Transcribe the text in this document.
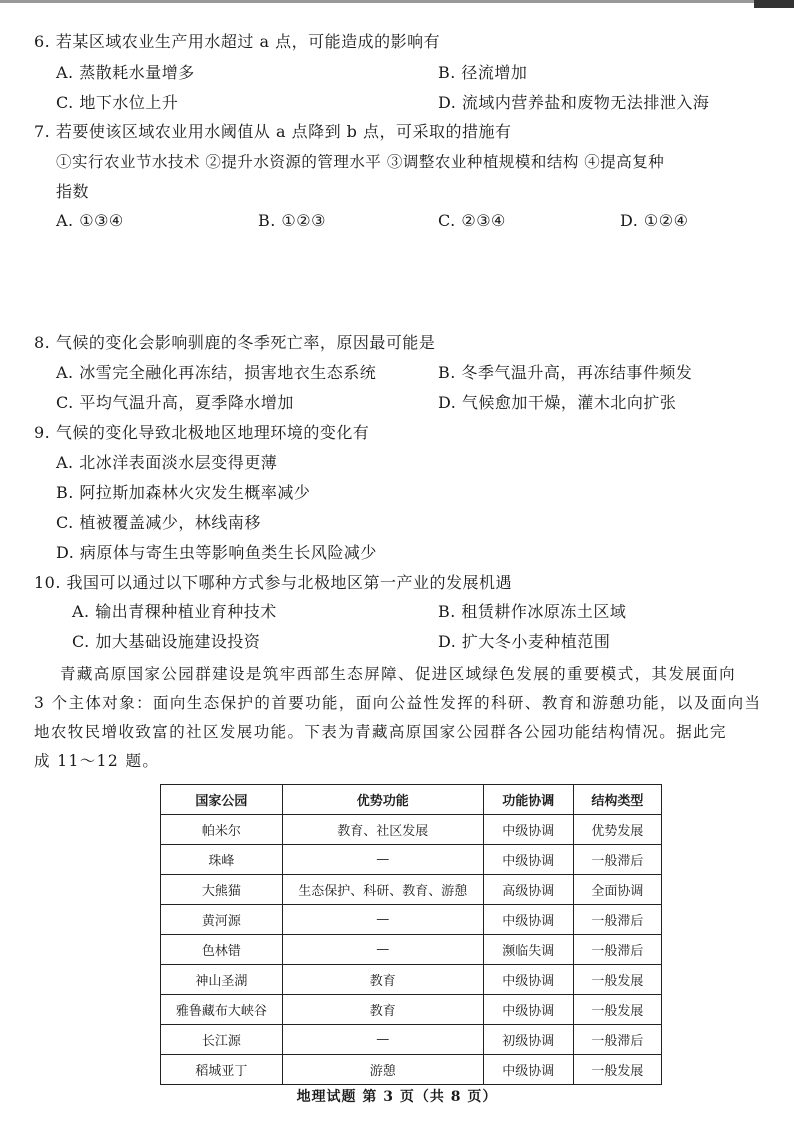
6. 若某区域农业生产用水超过 a 点，可能造成的影响有
A. 蒸散耗水量增多	B. 径流增加
C. 地下水位上升	D. 流域内营养盐和废物无法排泄入海
7. 若要使该区域农业用水阈值从 a 点降到 b 点，可采取的措施有
①实行农业节水技术 ②提升水资源的管理水平 ③调整农业种植规模和结构 ④提高复种
指数
A. ①③④	B. ①②③	C. ②③④	D. ①②④
8. 气候的变化会影响驯鹿的冬季死亡率，原因最可能是
A. 冰雪完全融化再冻结，损害地衣生态系统	B. 冬季气温升高，再冻结事件频发
C. 平均气温升高，夏季降水增加	D. 气候愈加干燥，灌木北向扩张
9. 气候的变化导致北极地区地理环境的变化有
A. 北冰洋表面淡水层变得更薄
B. 阿拉斯加森林火灾发生概率减少
C. 植被覆盖减少，林线南移
D. 病原体与寄生虫等影响鱼类生长风险减少
10. 我国可以通过以下哪种方式参与北极地区第一产业的发展机遇
A. 输出青稞种植业育种技术	B. 租赁耕作冰原冻土区域
C. 加大基础设施建设投资	D. 扩大冬小麦种植范围
青藏高原国家公园群建设是筑牢西部生态屏障、促进区域绿色发展的重要模式，其发展面向
3 个主体对象：面向生态保护的首要功能，面向公益性发挥的科研、教育和游憩功能，以及面向当
地农牧民增收致富的社区发展功能。下表为青藏高原国家公园群各公园功能结构情况。据此完
成 11～12 题。
国家公园	优势功能	功能协调	结构类型
帕米尔	教育、社区发展	中级协调	优势发展
珠峰	—	中级协调	一般滞后
大熊猫	生态保护、科研、教育、游憩	高级协调	全面协调
黄河源	—	中级协调	一般滞后
色林错	—	濒临失调	一般滞后
神山圣湖	教育	中级协调	一般发展
雅鲁藏布大峡谷	教育	中级协调	一般发展
长江源	—	初级协调	一般滞后
稻城亚丁	游憩	中级协调	一般发展
地理试题 第 3 页（共 8 页）
